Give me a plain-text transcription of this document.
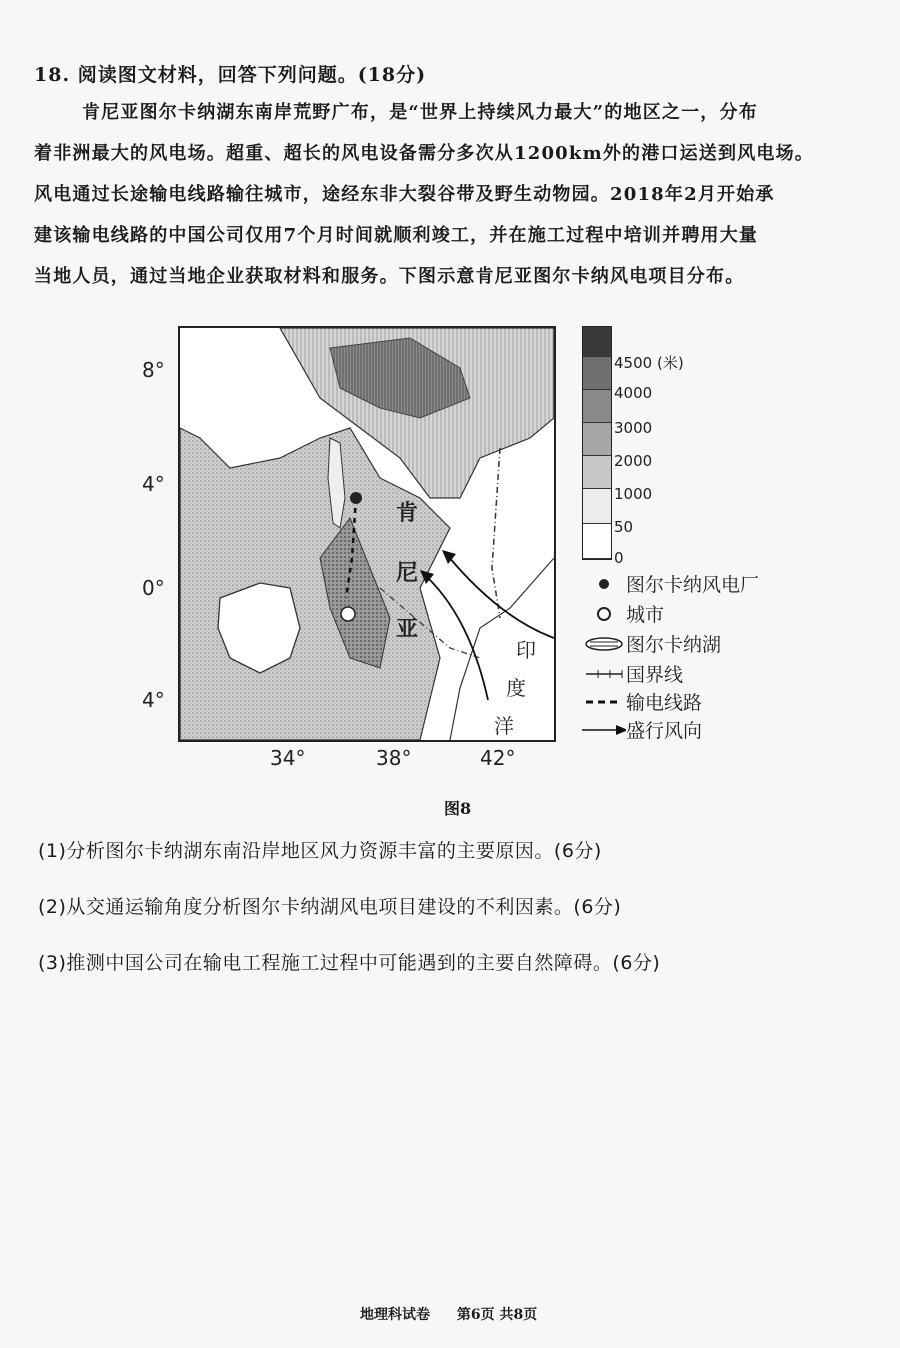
18. 阅读图文材料，回答下列问题。(18分)
肯尼亚图尔卡纳湖东南岸荒野广布，是“世界上持续风力最大”的地区之一，分布
着非洲最大的风电场。超重、超长的风电设备需分多次从1200km外的港口运送到风电场。
风电通过长途输电线路输往城市，途经东非大裂谷带及野生动物园。2018年2月开始承
建该输电线路的中国公司仅用7个月时间就顺利竣工，并在施工过程中培训并聘用大量
当地人员，通过当地企业获取材料和服务。下图示意肯尼亚图尔卡纳风电项目分布。
8°
4°
0°
4°
肯
尼
亚
印
度
洋
34°	38°	42°
4500 (米)
4000
3000
2000
1000
50
0
图尔卡纳风电厂
城市
图尔卡纳湖
国界线
输电线路
盛行风向
图8
(1)分析图尔卡纳湖东南沿岸地区风力资源丰富的主要原因。(6分)
(2)从交通运输角度分析图尔卡纳湖风电项目建设的不利因素。(6分)
(3)推测中国公司在输电工程施工过程中可能遇到的主要自然障碍。(6分)
地理科试卷 第6页 共8页
